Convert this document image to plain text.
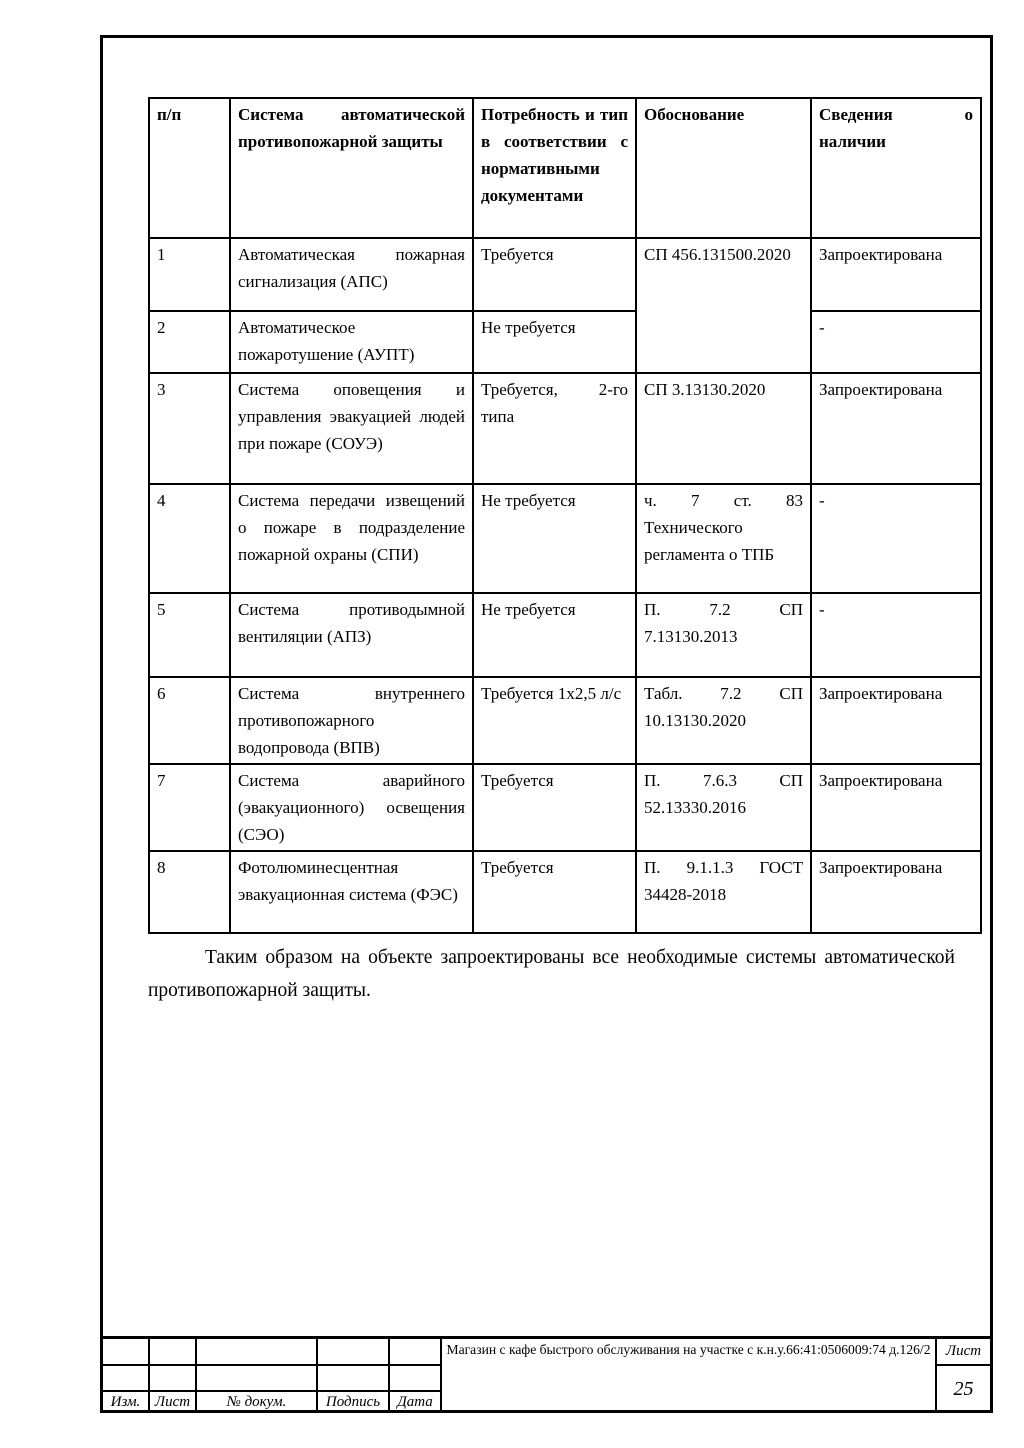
п/п	Система автоматической противопожарной защиты	Потребность и тип в соответствии с нормативными документами	Обоснование	Сведения о наличии
1	Автоматическая пожарная сигнализация (АПС)	Требуется	СП 456.131500.2020	Запроектирована
2	Автоматическое пожаротушение (АУПТ)	Не требуется		-
3	Система оповещения и управления эвакуацией людей при пожаре (СОУЭ)	Требуется, 2-го типа	СП 3.13130.2020	Запроектирована
4	Система передачи извещений о пожаре в подразделение пожарной охраны (СПИ)	Не требуется	ч. 7 ст. 83 Технического регламента о ТПБ	-
5	Система противодымной вентиляции (АПЗ)	Не требуется	П. 7.2 СП 7.13130.2013	-
6	Система внутреннего противопожарного водопровода (ВПВ)	Требуется 1х2,5 л/с	Табл. 7.2 СП 10.13130.2020	Запроектирована
7	Система аварийного (эвакуационного) освещения (СЭО)	Требуется	П. 7.6.3 СП 52.13330.2016	Запроектирована
8	Фотолюминесцентная эвакуационная система (ФЭС)	Требуется	П. 9.1.1.3 ГОСТ 34428-2018	Запроектирована

Таким образом на объекте запроектированы все необходимые системы автоматической противопожарной защиты.

Магазин с кафе быстрого обслуживания на участке с к.н.у.66:41:0506009:74 д.126/2	Лист
25
Изм. Лист	№ докум.	Подпись	Дата
